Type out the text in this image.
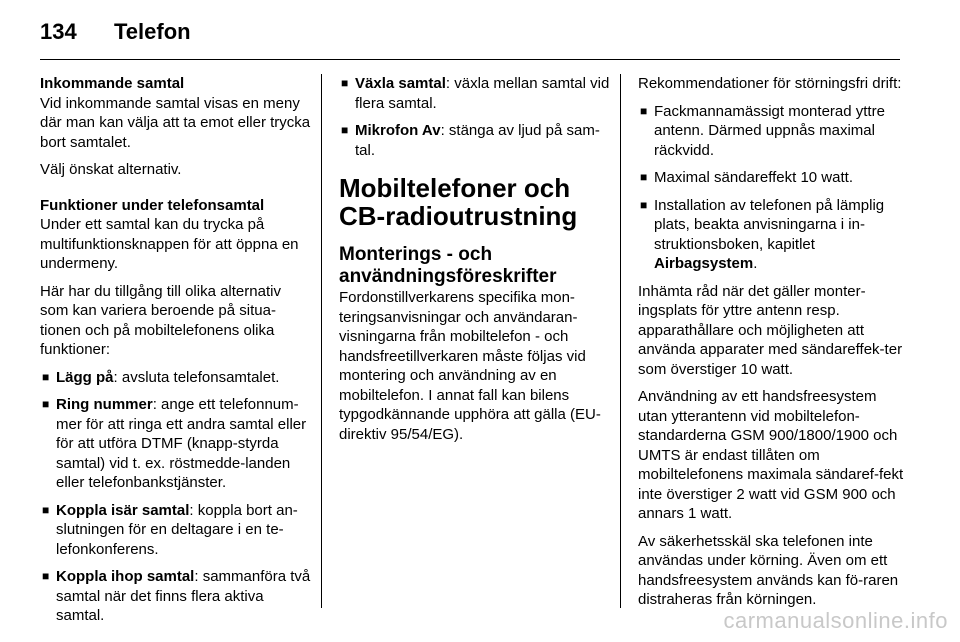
134	Telefon
Inkommande samtal

Vid inkommande samtal visas en meny där man kan välja att ta emot eller trycka bort samtalet.

Välj önskat alternativ.

Funktioner under telefonsamtal

Under ett samtal kan du trycka på multifunktionsknappen för att öppna en undermeny.

Här har du tillgång till olika alternativ som kan variera beroende på situa-tionen och på mobiltelefonens olika funktioner:

■ Lägg på: avsluta telefonsamtalet.
■ Ring nummer: ange ett telefonnum-mer för att ringa ett andra samtal eller för att utföra DTMF (knapp-styrda samtal) vid t. ex. röstmedde-landen eller telefonbankstjänster.
■ Koppla isär samtal: koppla bort an-slutningen för en deltagare i en te-lefonkonferens.
■ Koppla ihop samtal: sammanföra två samtal när det finns flera aktiva samtal.
■ Växla samtal: växla mellan samtal vid flera samtal.
■ Mikrofon Av: stänga av ljud på sam-tal.
Mobiltelefoner och CB-radioutrustning
Monterings - och användningsföreskrifter

Fordonstillverkarens specifika mon-teringsanvisningar och användaran-visningarna från mobiltelefon - och handsfreetillverkaren måste följas vid montering och användning av en mobiltelefon. I annat fall kan bilens typgodkännande upphöra att gälla (EU-direktiv 95/54/EG).

Rekommendationer för störningsfri drift:

■ Fackmannamässigt monterad yttre antenn. Därmed uppnås maximal räckvidd.
■ Maximal sändareffekt 10 watt.
■ Installation av telefonen på lämplig plats, beakta anvisningarna i in-struktionsboken, kapitlet Airbagsystem.

Inhämta råd när det gäller monter-ingsplats för yttre antenn resp. apparathållare och möjligheten att använda apparater med sändareffek-ter som överstiger 10 watt.

Användning av ett handsfreesystem utan ytterantenn vid mobiltelefon-standarderna GSM 900/1800/1900 och UMTS är endast tillåten om mobiltelefonens maximala sändaref-fekt inte överstiger 2 watt vid GSM 900 och annars 1 watt.

Av säkerhetsskäl ska telefonen inte användas under körning. Även om ett handsfreesystem används kan fö-raren distraheras från körningen.

carmanualsonline.info
